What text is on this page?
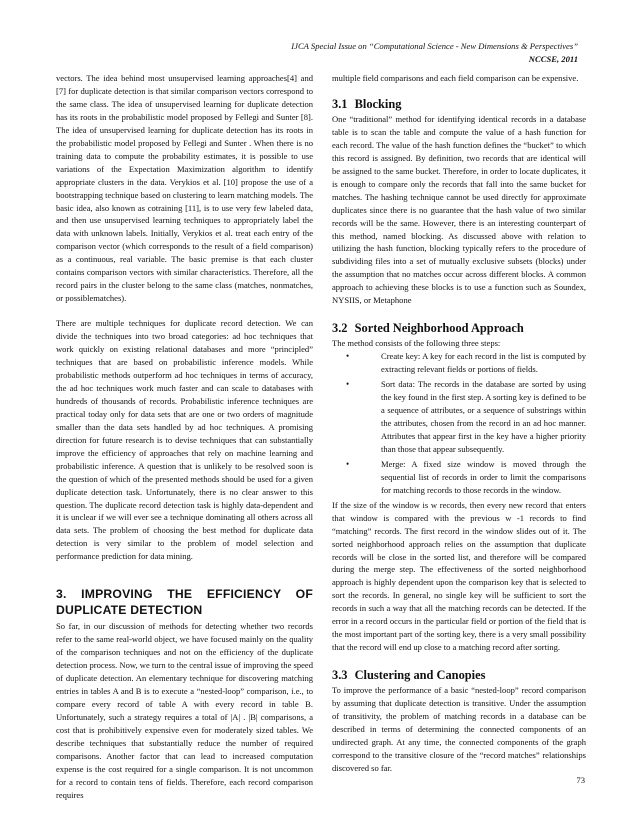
IJCA Special Issue on “Computational Science - New Dimensions & Perspectives”
NCCSE, 2011

vectors. The idea behind most unsupervised learning approaches[4] and [7] for duplicate detection is that similar comparison vectors correspond to the same class. The idea of unsupervised learning for duplicate detection has its roots in the probabilistic model proposed by Fellegi and Sunter [8]. The idea of unsupervised learning for duplicate detection has its roots in the probabilistic model proposed by Fellegi and Sunter . When there is no training data to compute the probability estimates, it is possible to use variations of the Expectation Maximization algorithm to identify appropriate clusters in the data. Verykios et al. [10] propose the use of a bootstrapping technique based on clustering to learn matching models. The basic idea, also known as cotraining [11], is to use very few labeled data, and then use unsupervised learning techniques to appropriately label the data with unknown labels. Initially, Verykios et al. treat each entry of the comparison vector (which corresponds to the result of a field comparison) as a continuous, real variable. The basic premise is that each cluster contains comparison vectors with similar characteristics. Therefore, all the record pairs in the cluster belong to the same class (matches, nonmatches, or possiblematches).

There are multiple techniques for duplicate record detection. We can divide the techniques into two broad categories: ad hoc techniques that work quickly on existing relational databases and more “principled” techniques that are based on probabilistic inference models. While probabilistic methods outperform ad hoc techniques in terms of accuracy, the ad hoc techniques work much faster and can scale to databases with hundreds of thousands of records. Probabilistic inference techniques are practical today only for data sets that are one or two orders of magnitude smaller than the data sets handled by ad hoc techniques. A promising direction for future research is to devise techniques that can substantially improve the efficiency of approaches that rely on machine learning and probabilistic inference. A question that is unlikely to be resolved soon is the question of which of the presented methods should be used for a given duplicate detection task. Unfortunately, there is no clear answer to this question. The duplicate record detection task is highly data-dependent and it is unclear if we will ever see a technique dominating all others across all data sets. The problem of choosing the best method for duplicate data detection is very similar to the problem of model selection and performance prediction for data mining.

3. IMPROVING THE EFFICIENCY OF DUPLICATE DETECTION

So far, in our discussion of methods for detecting whether two records refer to the same real-world object, we have focused mainly on the quality of the comparison techniques and not on the efficiency of the duplicate detection process. Now, we turn to the central issue of improving the speed of duplicate detection. An elementary technique for discovering matching entries in tables A and B is to execute a “nested-loop” comparison, i.e., to compare every record of table A with every record in table B. Unfortunately, such a strategy requires a total of |A| . |B| comparisons, a cost that is prohibitively expensive even for moderately sized tables. We describe techniques that substantially reduce the number of required comparisons. Another factor that can lead to increased computation expense is the cost required for a single comparison. It is not uncommon for a record to contain tens of fields. Therefore, each record comparison requires

multiple field comparisons and each field comparison can be expensive.

3.1 Blocking

One “traditional” method for identifying identical records in a database table is to scan the table and compute the value of a hash function for each record. The value of the hash function defines the “bucket” to which this record is assigned. By definition, two records that are identical will be assigned to the same bucket. Therefore, in order to locate duplicates, it is enough to compare only the records that fall into the same bucket for matches. The hashing technique cannot be used directly for approximate duplicates since there is no guarantee that the hash value of two similar records will be the same. However, there is an interesting counterpart of this method, named blocking. As discussed above with relation to utilizing the hash function, blocking typically refers to the procedure of subdividing files into a set of mutually exclusive subsets (blocks) under the assumption that no matches occur across different blocks. A common approach to achieving these blocks is to use a function such as Soundex, NYSIIS, or Metaphone

3.2 Sorted Neighborhood Approach

The method consists of the following three steps:

•	Create key: A key for each record in the list is computed by extracting relevant fields or portions of fields.
•	Sort data: The records in the database are sorted by using the key found in the first step. A sorting key is defined to be a sequence of attributes, or a sequence of substrings within the attributes, chosen from the record in an ad hoc manner. Attributes that appear first in the key have a higher priority than those that appear subsequently.
•	Merge: A fixed size window is moved through the sequential list of records in order to limit the comparisons for matching records to those records in the window.

If the size of the window is w records, then every new record that enters that window is compared with the previous w -1 records to find “matching” records. The first record in the window slides out of it. The sorted neighborhood approach relies on the assumption that duplicate records will be close in the sorted list, and therefore will be compared during the merge step. The effectiveness of the sorted neighborhood approach is highly dependent upon the comparison key that is selected to sort the records. In general, no single key will be sufficient to sort the records in such a way that all the matching records can be detected. If the error in a record occurs in the particular field or portion of the field that is the most important part of the sorting key, there is a very small possibility that the record will end up close to a matching record after sorting.

3.3 Clustering and Canopies

To improve the performance of a basic “nested-loop” record comparison by assuming that duplicate detection is transitive. Under the assumption of transitivity, the problem of matching records in a database can be described in terms of determining the connected components of an undirected graph. At any time, the connected components of the graph correspond to the transitive closure of the “record matches” relationships discovered so far.

73
